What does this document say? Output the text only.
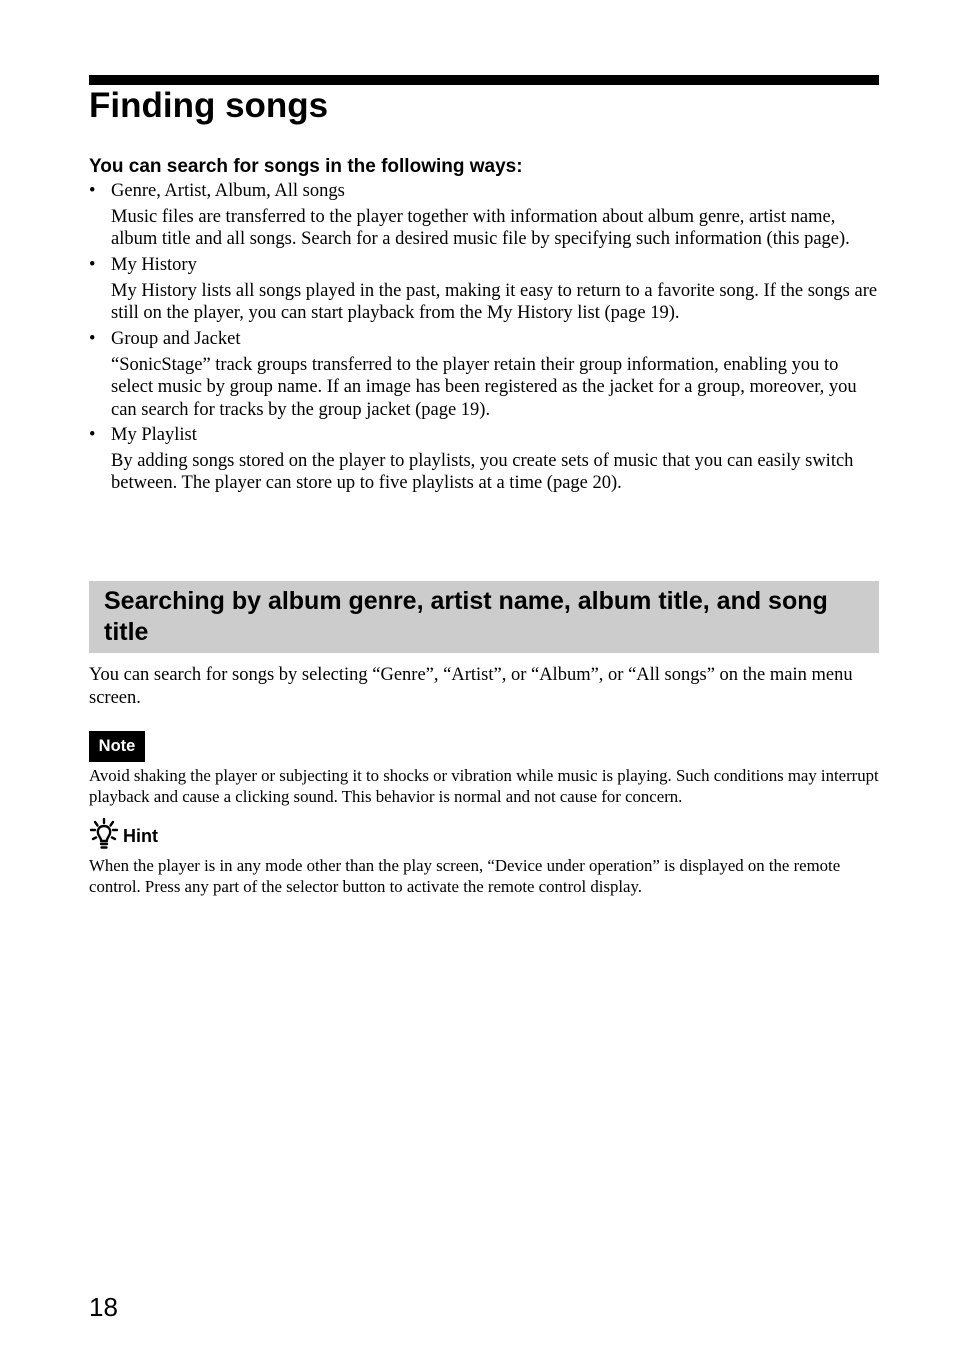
Finding songs
You can search for songs in the following ways:
• Genre, Artist, Album, All songs

Music files are transferred to the player together with information about album genre, artist name, album title and all songs. Search for a desired music file by specifying such information (this page).

• My History

My History lists all songs played in the past, making it easy to return to a favorite song. If the songs are still on the player, you can start playback from the My History list (page 19).

• Group and Jacket

“SonicStage” track groups transferred to the player retain their group information, enabling you to select music by group name. If an image has been registered as the jacket for a group, moreover, you can search for tracks by the group jacket (page 19).

• My Playlist

By adding songs stored on the player to playlists, you create sets of music that you can easily switch between. The player can store up to five playlists at a time (page 20).

Searching by album genre, artist name, album title, and song title

You can search for songs by selecting “Genre”, “Artist”, or “Album”, or “All songs” on the main menu screen.

Note

Avoid shaking the player or subjecting it to shocks or vibration while music is playing. Such conditions may interrupt playback and cause a clicking sound. This behavior is normal and not cause for concern.

Hint

When the player is in any mode other than the play screen, “Device under operation” is displayed on the remote control. Press any part of the selector button to activate the remote control display.

18
